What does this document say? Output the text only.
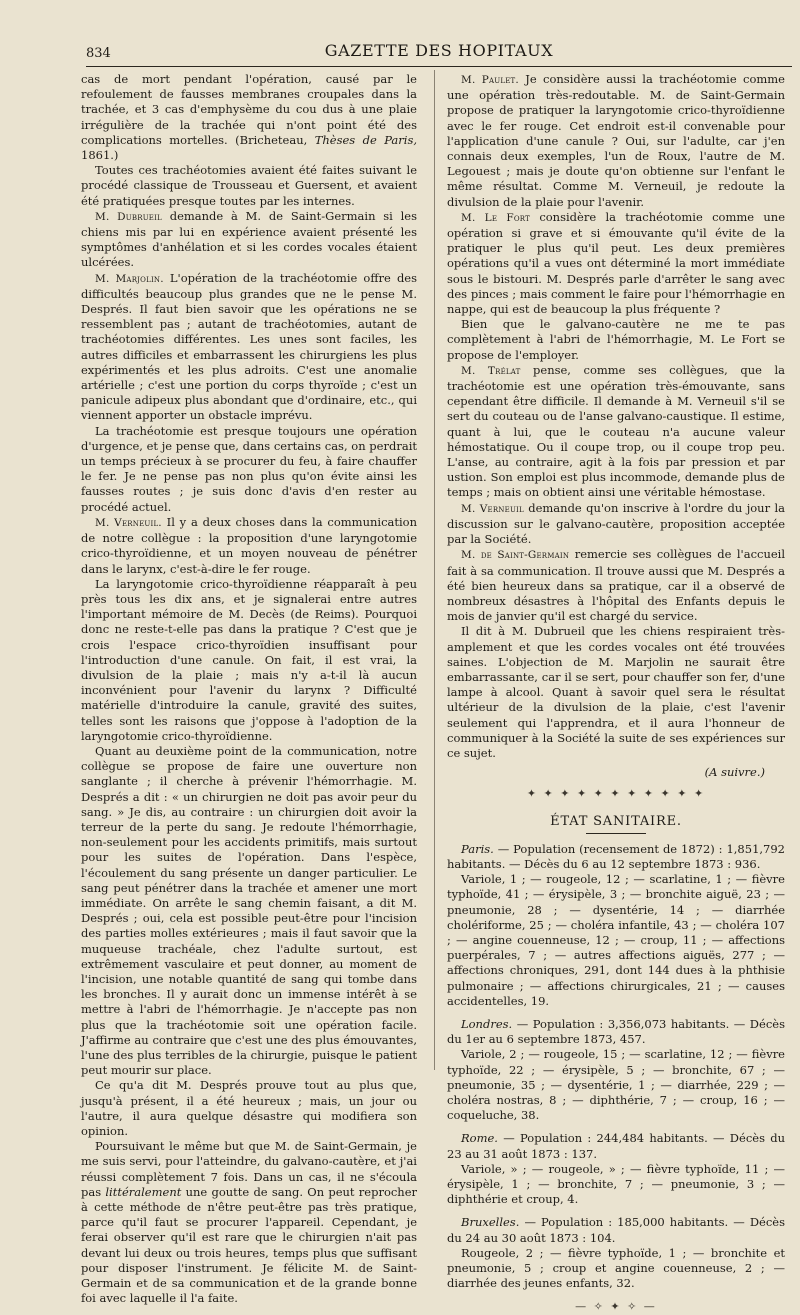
834	GAZETTE DES HOPITAUX

cas de mort pendant l'opération, causé par le refoulement de fausses membranes croupales dans la trachée, et 3 cas d'emphysème du cou dus à une plaie irrégulière de la trachée qui n'ont point été des complications mortelles. (Bricheteau, Thèses de Paris, 1861.)

Toutes ces trachéotomies avaient été faites suivant le procédé classique de Trousseau et Guersent, et avaient été pratiquées presque toutes par les internes.

M. Dubrueil demande à M. de Saint-Germain si les chiens mis par lui en expérience avaient présenté les symptômes d'anhélation et si les cordes vocales étaient ulcérées.

M. Marjolin. L'opération de la trachéotomie offre des difficultés beaucoup plus grandes que ne le pense M. Després. Il faut bien savoir que les opérations ne se ressemblent pas ; autant de trachéotomies, autant de trachéotomies différentes. Les unes sont faciles, les autres difficiles et embarrassent les chirurgiens les plus expérimentés et les plus adroits. C'est une anomalie artérielle ; c'est une portion du corps thyroïde ; c'est un panicule adipeux plus abondant que d'ordinaire, etc., qui viennent apporter un obstacle imprévu.

La trachéotomie est presque toujours une opération d'urgence, et je pense que, dans certains cas, on perdrait un temps précieux à se procurer du feu, à faire chauffer le fer. Je ne pense pas non plus qu'on évite ainsi les fausses routes ; je suis donc d'avis d'en rester au procédé actuel.

M. Verneuil. Il y a deux choses dans la communication de notre collègue : la proposition d'une laryngotomie crico-thyroïdienne, et un moyen nouveau de pénétrer dans le larynx, c'est-à-dire le fer rouge.

La laryngotomie crico-thyroïdienne réapparaît à peu près tous les dix ans, et je signalerai entre autres l'important mémoire de M. Decès (de Reims). Pourquoi donc ne reste-t-elle pas dans la pratique ? C'est que je crois l'espace crico-thyroïdien insuffisant pour l'introduction d'une canule. On fait, il est vrai, la divulsion de la plaie ; mais n'y a-t-il là aucun inconvénient pour l'avenir du larynx ? Difficulté matérielle d'introduire la canule, gravité des suites, telles sont les raisons que j'oppose à l'adoption de la laryngotomie crico-thyroïdienne.

Quant au deuxième point de la communication, notre collègue se propose de faire une ouverture non sanglante ; il cherche à prévenir l'hémorrhagie. M. Després a dit : « un chirurgien ne doit pas avoir peur du sang. » Je dis, au contraire : un chirurgien doit avoir la terreur de la perte du sang. Je redoute l'hémorrhagie, non-seulement pour les accidents primitifs, mais surtout pour les suites de l'opération. Dans l'espèce, l'écoulement du sang présente un danger particulier. Le sang peut pénétrer dans la trachée et amener une mort immédiate. On arrête le sang chemin faisant, a dit M. Després ; oui, cela est possible peut-être pour l'incision des parties molles extérieures ; mais il faut savoir que la muqueuse trachéale, chez l'adulte surtout, est extrêmement vasculaire et peut donner, au moment de l'incision, une notable quantité de sang qui tombe dans les bronches. Il y aurait donc un immense intérêt à se mettre à l'abri de l'hémorrhagie. Je n'accepte pas non plus que la trachéotomie soit une opération facile. J'affirme au contraire que c'est une des plus émouvantes, l'une des plus terribles de la chirurgie, puisque le patient peut mourir sur place.

Ce qu'a dit M. Després prouve tout au plus que, jusqu'à présent, il a été heureux ; mais, un jour ou l'autre, il aura quelque désastre qui modifiera son opinion.

Poursuivant le même but que M. de Saint-Germain, je me suis servi, pour l'atteindre, du galvano-cautère, et j'ai réussi complètement 7 fois. Dans un cas, il ne s'écoula pas littéralement une goutte de sang. On peut reprocher à cette méthode de n'être peut-être pas très pratique, parce qu'il faut se procurer l'appareil. Cependant, je ferai observer qu'il est rare que le chirurgien n'ait pas devant lui deux ou trois heures, temps plus que suffisant pour disposer l'instrument. Je félicite M. de Saint-Germain et de sa communication et de la grande bonne foi avec laquelle il l'a faite.

M. Paulet. Je considère aussi la trachéotomie comme une opération très-redoutable. M. de Saint-Germain propose de pratiquer la laryngotomie crico-thyroïdienne avec le fer rouge. Cet endroit est-il convenable pour l'application d'une canule ? Oui, sur l'adulte, car j'en connais deux exemples, l'un de Roux, l'autre de M. Legouest ; mais je doute qu'on obtienne sur l'enfant le même résultat. Comme M. Verneuil, je redoute la divulsion de la plaie pour l'avenir.

M. Le Fort considère la trachéotomie comme une opération si grave et si émouvante qu'il évite de la pratiquer le plus qu'il peut. Les deux premières opérations qu'il a vues ont déterminé la mort immédiate sous le bistouri. M. Després parle d'arrêter le sang avec des pinces ; mais comment le faire pour l'hémorrhagie en nappe, qui est de beaucoup la plus fréquente ?

Bien que le galvano-cautère ne me te pas complètement à l'abri de l'hémorrhagie, M. Le Fort se propose de l'employer.

M. Trélat pense, comme ses collègues, que la trachéotomie est une opération très-émouvante, sans cependant être difficile. Il demande à M. Verneuil s'il se sert du couteau ou de l'anse galvano-caustique. Il estime, quant à lui, que le couteau n'a aucune valeur hémostatique. Ou il coupe trop, ou il coupe trop peu. L'anse, au contraire, agit à la fois par pression et par ustion. Son emploi est plus incommode, demande plus de temps ; mais on obtient ainsi une véritable hémostase.

M. Verneuil demande qu'on inscrive à l'ordre du jour la discussion sur le galvano-cautère, proposition acceptée par la Société.

M. de Saint-Germain remercie ses collègues de l'accueil fait à sa communication. Il trouve aussi que M. Després a été bien heureux dans sa pratique, car il a observé de nombreux désastres à l'hôpital des Enfants depuis le mois de janvier qu'il est chargé du service.

Il dit à M. Dubrueil que les chiens respiraient très-amplement et que les cordes vocales ont été trouvées saines. L'objection de M. Marjolin ne saurait être embarrassante, car il se sert, pour chauffer son fer, d'une lampe à alcool. Quant à savoir quel sera le résultat ultérieur de la divulsion de la plaie, c'est l'avenir seulement qui l'apprendra, et il aura l'honneur de communiquer à la Société la suite de ses expériences sur ce sujet.

(A suivre.)
✦ ✦ ✦ ✦ ✦ ✦ ✦ ✦ ✦ ✦ ✦
ÉTAT SANITAIRE.

Paris. — Population (recensement de 1872) : 1,851,792 habitants. — Décès du 6 au 12 septembre 1873 : 936.

Variole, 1 ; — rougeole, 12 ; — scarlatine, 1 ; — fièvre typhoïde, 41 ; — érysipèle, 3 ; — bronchite aiguë, 23 ; — pneumonie, 28 ; — dysentérie, 14 ; — diarrhée cholériforme, 25 ; — choléra infantile, 43 ; — choléra 107 ; — angine couenneuse, 12 ; — croup, 11 ; — affections puerpérales, 7 ; — autres affections aiguës, 277 ; — affections chroniques, 291, dont 144 dues à la phthisie pulmonaire ; — affections chirurgicales, 21 ; — causes accidentelles, 19.

Londres. — Population : 3,356,073 habitants. — Décès du 1er au 6 septembre 1873, 457.

Variole, 2 ; — rougeole, 15 ; — scarlatine, 12 ; — fièvre typhoïde, 22 ; — érysipèle, 5 ; — bronchite, 67 ; — pneumonie, 35 ; — dysentérie, 1 ; — diarrhée, 229 ; — choléra nostras, 8 ; — diphthérie, 7 ; — croup, 16 ; — coqueluche, 38.

Rome. — Population : 244,484 habitants. — Décès du 23 au 31 août 1873 : 137.

Variole, » ; — rougeole, » ; — fièvre typhoïde, 11 ; — érysipèle, 1 ; — bronchite, 7 ; — pneumonie, 3 ; — diphthérie et croup, 4.

Bruxelles. — Population : 185,000 habitants. — Décès du 24 au 30 août 1873 : 104.

Rougeole, 2 ; — fièvre typhoïde, 1 ; — bronchite et pneumonie, 5 ; croup et angine couenneuse, 2 ; — diarrhée des jeunes enfants, 32.

— ✧ ✦ ✧ —
